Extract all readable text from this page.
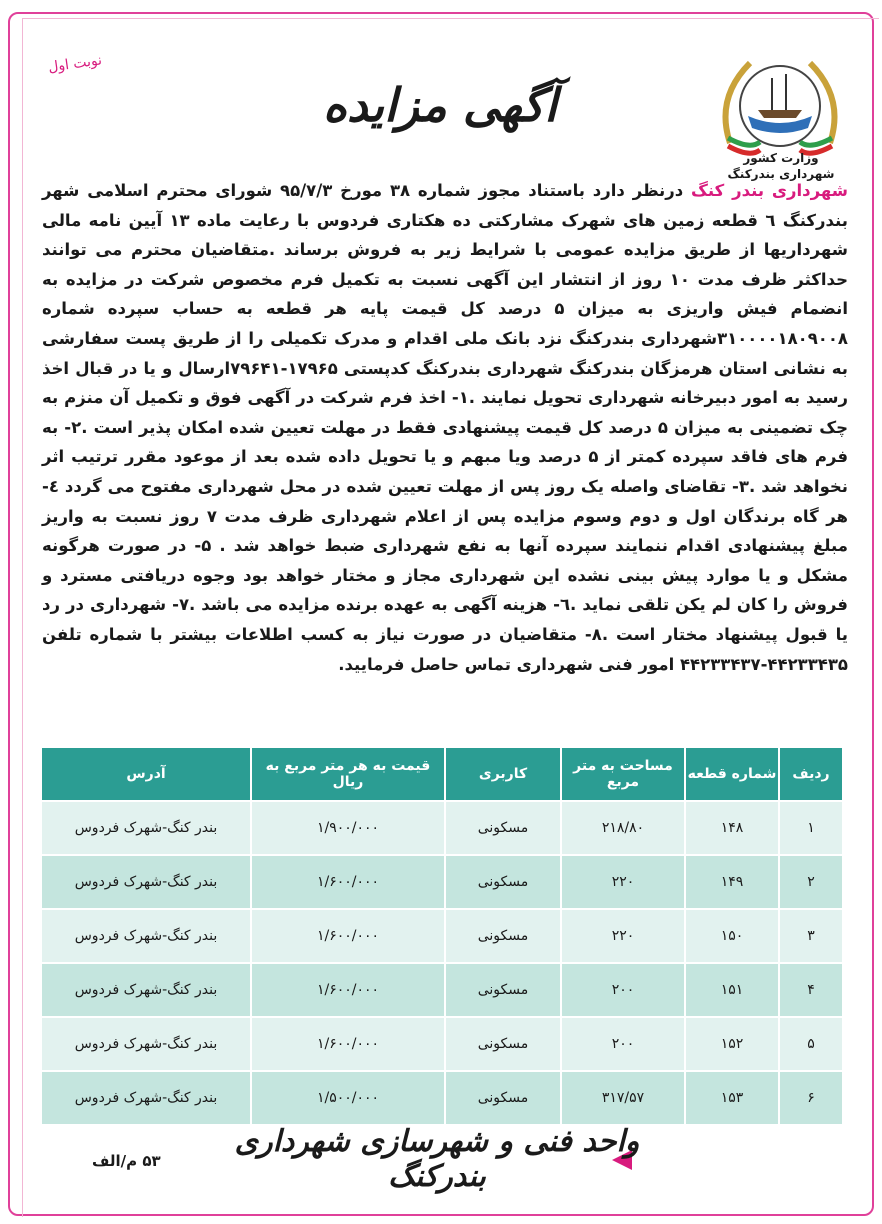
نوبت اول
آگهی مزایده
وزارت کشور
شهرداری بندرکنگ
شهرداری بندر کنگ درنظر دارد باستناد مجوز شماره ۳۸ مورخ ۹۵/۷/۳ شورای محترم اسلامی شهر بندرکنگ ٦ قطعه زمین های شهرک مشارکتی ده هکتاری فردوس با رعایت ماده ۱۳ آیین نامه مالی شهرداریها از طریق مزایده عمومی با شرایط زیر به فروش برساند .متقاضیان محترم می توانند حداکثر ظرف مدت ۱۰ روز از انتشار این آگهی نسبت به تکمیل فرم مخصوص شرکت در مزایده به انضمام فیش واریزی به میزان ۵ درصد کل قیمت پایه هر قطعه به حساب سپرده شماره ۳۱۰۰۰۰۱۸۰۹۰۰۸شهرداری بندرکنگ نزد بانک ملی اقدام و مدرک تکمیلی را از طریق پست سفارشی به نشانی استان هرمزگان بندرکنگ شهرداری بندرکنگ کدپستی ۱۷۹۶۵-۷۹۶۴۱ارسال و یا در قبال اخذ رسید به امور دبیرخانه شهرداری تحویل نمایند .۱- اخذ فرم شرکت در آگهی فوق و تکمیل آن منزم به چک تضمینی به میزان ۵ درصد کل قیمت پیشنهادی فقط در مهلت تعیین شده امکان پذیر است .۲- به فرم های فاقد سپرده کمتر از ۵ درصد ویا مبهم و یا تحویل داده شده بعد از موعود مقرر ترتیب اثر نخواهد شد .۳- تقاضای واصله یک روز پس از مهلت تعیین شده در محل شهرداری مفتوح می گردد ٤- هر گاه برندگان اول و دوم وسوم مزایده پس از اعلام شهرداری ظرف مدت ۷ روز نسبت به واریز مبلغ پیشنهادی اقدام ننمایند سپرده آنها به نفع شهرداری ضبط خواهد شد . ۵- در صورت هرگونه مشکل و یا موارد پیش بینی نشده این شهرداری مجاز و مختار خواهد بود وجوه دریافتی مسترد و فروش را کان لم یکن تلقی نماید .٦- هزینه آگهی به عهده برنده مزایده می باشد .۷- شهرداری در رد یا قبول پیشنهاد مختار است .۸- متقاضیان در صورت نیاز به کسب اطلاعات بیشتر با شماره تلفن ۴۴۲۳۳۴۳۵-۴۴۲۳۳۴۳۷ امور فنی شهرداری تماس حاصل فرمایید.
ردیف	شماره قطعه	مساحت به متر مربع	کاربری	قیمت به هر متر مربع به ریال	آدرس
۱	۱۴۸	۲۱۸/۸۰	مسکونی	۱/۹۰۰/۰۰۰	بندر کنگ-شهرک فردوس
۲	۱۴۹	۲۲۰	مسکونی	۱/۶۰۰/۰۰۰	بندر کنگ-شهرک فردوس
۳	۱۵۰	۲۲۰	مسکونی	۱/۶۰۰/۰۰۰	بندر کنگ-شهرک فردوس
۴	۱۵۱	۲۰۰	مسکونی	۱/۶۰۰/۰۰۰	بندر کنگ-شهرک فردوس
۵	۱۵۲	۲۰۰	مسکونی	۱/۶۰۰/۰۰۰	بندر کنگ-شهرک فردوس
۶	۱۵۳	۳۱۷/۵۷	مسکونی	۱/۵۰۰/۰۰۰	بندر کنگ-شهرک فردوس
واحد فنی و شهرسازی شهرداری بندرکنگ
۵۳ م/الف
